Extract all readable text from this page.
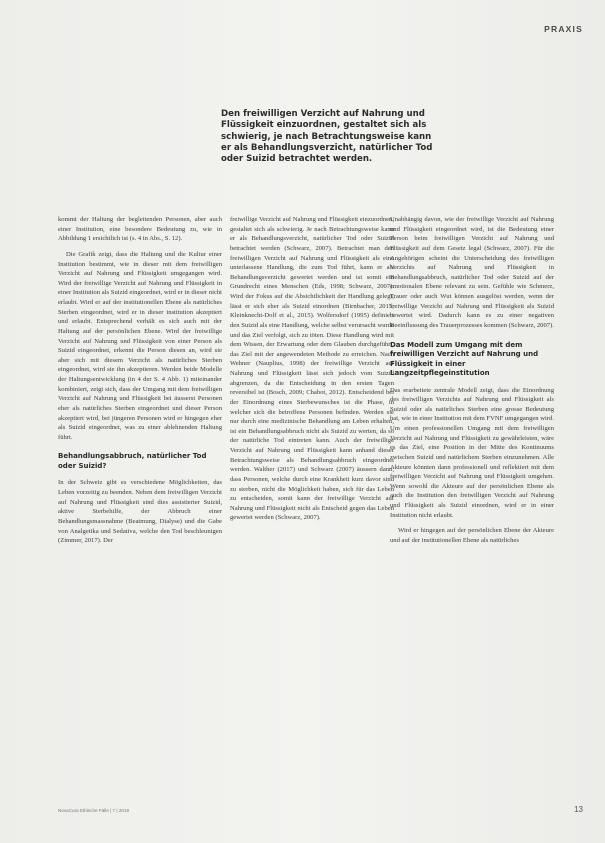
PRAXIS
Den freiwilligen Verzicht auf Nahrung und Flüssigkeit einzuordnen, gestaltet sich als schwierig, je nach Betrachtungsweise kann er als Behandlungsverzicht, natürlicher Tod oder Suizid betrachtet werden.

kommt der Haltung der begleitenden Personen, aber auch einer Institution, eine besondere Bedeutung zu, wie in Abbildung 1 ersichtlich ist (s. 4 in Abs., S. 12).

Die Grafik zeigt, dass die Haltung und die Kultur einer Institution bestimmt, wie in dieser mit dem freiwilligen Verzicht auf Nahrung und Flüssigkeit umgegangen wird. Wird der freiwillige Verzicht auf Nahrung und Flüssigkeit in einer Institution als Suizid eingeordnet, wird er in dieser nicht erlaubt. Wird er auf der institutionellen Ebene als natürliches Sterben eingeordnet, wird er in dieser institution akzeptiert und erlaubt. Entsprechend verhält es sich auch mit der Haltung auf der persönlichen Ebene. Wird der freiwillige Verzicht auf Nahrung und Flüssigkeit von einer Person als Suizid eingeordnet, erkennt die Person diesen an, wird sie aber sich mit diesem Verzicht als natürliches Sterben eingeordnet, wird sie ihn akzeptieren. Werden beide Modelle der Haltungsentwicklung (in 4 der S. 4 Abb. 1) miteinander kombiniert, zeigt sich, dass der Umgang mit dem freiwilligen Verzicht auf Nahrung und Flüssigkeit bei äusserst Personen eher als natürliches Sterben eingeordnet und dieser Person akzeptiert wird, bei jüngeren Personen wird er hingegen eher als Suizid eingeordnet, was zu einer ablehnenden Haltung führt.

Behandlungsabbruch, natürlicher Tod oder Suizid?

In der Schweiz gibt es verschiedene Möglichkeiten, das Leben vorzeitig zu beenden. Neben dem freiwilligen Verzicht auf Nahrung und Flüssigkeit sind dies assistierter Suizid, aktive Sterbehilfe, der Abbruch einer Behandlungsmassnahme (Beatmung, Dialyse) und die Gabe von Analgetika und Sedativa, welche den Tod beschleunigen (Zimmer, 2017). Der

freiwillige Verzicht auf Nahrung und Flüssigkeit einzuordnen, gestaltet sich als schwierig. Je nach Betrachtungsweise kann er als Behandlungsverzicht, natürlicher Tod oder Suizid betrachtet werden (Schwarz, 2007). Betrachtet man den freiwilligen Verzicht auf Nahrung und Flüssigkeit als eine unterlassene Handlung, die zum Tod führt, kann er als Behandlungsverzicht gewertet werden und ist somit ein Grundrecht eines Menschen (Eds, 1998; Schwarz, 2007). Wird der Fokus auf die Absichtlichkeit der Handlung gelegt, lässt er sich eher als Suizid einordnen (Birnbacher, 2015; Kleinknecht-Dolf et al., 2015). Wolfersdorf (1995) definiert den Suizid als eine Handlung, welche selbst verursacht wurde und das Ziel verfolgt, sich zu töten. Diese Handlung wird mit dem Wissen, der Erwartung oder dem Glauben durchgeführt, das Ziel mit der angewendeten Methode zu erreichen. Nach Wehner (Nauplius, 1998) der freiwillige Verzicht auf Nahrung und Flüssigkeit lässt sich jedoch vom Suizid abgrenzen, da die Entscheidung in den ersten Tagen reversibel ist (Bosch, 2009; Chabot, 2012). Entscheidend bei der Einordnung eines Sterbewunsches ist die Phase, in welcher sich die betroffene Personen befinden. Werden sie nur durch eine medizinische Behandlung am Leben erhalten, ist ein Behandlungsabbruch nicht als Suizid zu werten, da so der natürliche Tod eintreten kann. Auch der freiwillige Verzicht auf Nahrung und Flüssigkeit kann anhand dieser Betrachtungsweise als Behandlungsabbruch eingeordnet werden. Walther (2017) und Schwarz (2007) äussern dann, dass Personen, welche durch eine Krankheit kurz davor sind zu sterben, nicht die Möglichkeit haben, sich für das Leben zu entscheiden, somit kann der freiwillige Verzicht auf Nahrung und Flüssigkeit nicht als Entscheid gegen das Leben gewertet werden (Schwarz, 2007).

Unabhängig davon, wie der freiwillige Verzicht auf Nahrung und Flüssigkeit eingeordnet wird, ist die Bedeutung einer Person beim freiwilligen Verzicht auf Nahrung und Flüssigkeit auf dem Gesetz legal (Schwarz, 2007). Für die Angehörigen scheint die Unterscheidung des freiwilligen Verzichts auf Nahrung und Flüssigkeit in Behandlungsabbruch, natürlicher Tod oder Suizid auf der emotionalen Ebene relevant zu sein. Gefühle wie Schmerz, Trauer oder auch Wut können ausgelöst werden, wenn der freiwillige Verzicht auf Nahrung und Flüssigkeit als Suizid bewertet wird. Dadurch kann es zu einer negativen Beeinflussung des Trauerprozesses kommen (Schwarz, 2007).

Das Modell zum Umgang mit dem freiwilligen Verzicht auf Nahrung und Flüssigkeit in einer Langzeitpflegeinstitution

Das erarbeitete zentrale Modell zeigt, dass die Einordnung des freiwilligen Verzichts auf Nahrung und Flüssigkeit als Suizid oder als natürliches Sterben eine grosse Bedeutung hat, wie in einer Institution mit dem FVNF umgegangen wird. Um einen professionellen Umgang mit dem freiwilligen Verzicht auf Nahrung und Flüssigkeit zu gewährleisten, wäre es das Ziel, eine Position in der Mitte des Kontinuums zwischen Suizid und natürlichem Sterben einzunehmen. Alle Akteure könnten dann professionell und reflektiert mit dem freiwilligen Verzicht auf Nahrung und Flüssigkeit umgehen. Wenn sowohl die Akteure auf der persönlichen Ebene als auch die Institution den freiwilligen Verzicht auf Nahrung und Flüssigkeit als Suizid einordnen, wird er in einer Institution nicht erlaubt.

Wird er hingegen auf der persönlichen Ebene der Akteure und auf der institutionellen Ebene als natürliches

NovaCura Ethische Fälle | 7 | 2019	13
